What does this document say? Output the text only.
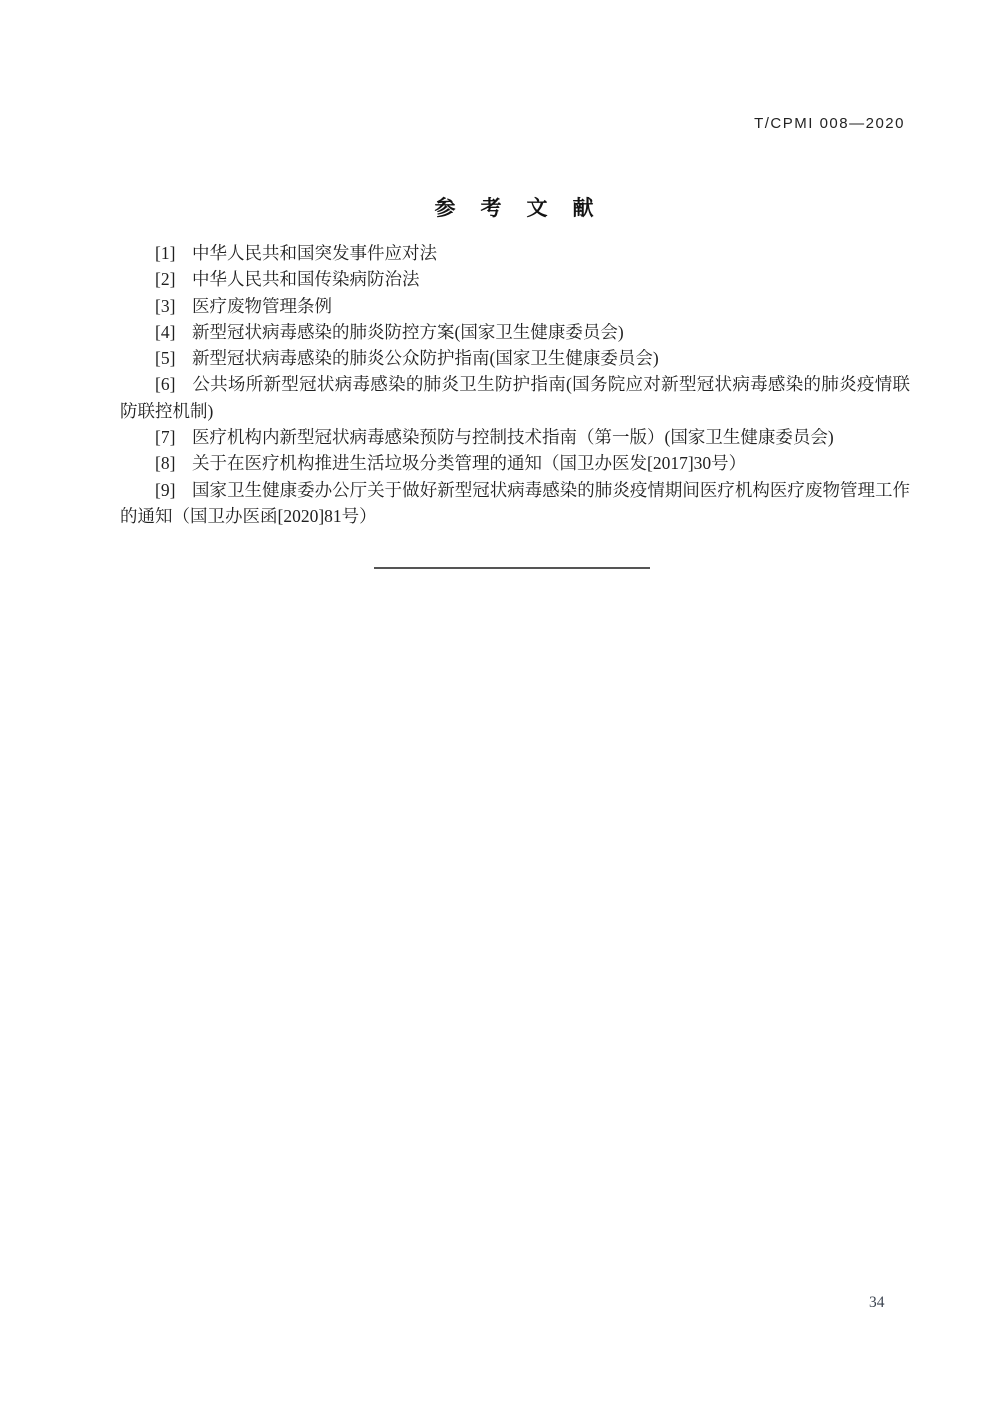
T/CPMI 008—2020
参　考　文　献

[1] 中华人民共和国突发事件应对法

[2] 中华人民共和国传染病防治法

[3] 医疗废物管理条例

[4] 新型冠状病毒感染的肺炎防控方案(国家卫生健康委员会)

[5] 新型冠状病毒感染的肺炎公众防护指南(国家卫生健康委员会)

[6] 公共场所新型冠状病毒感染的肺炎卫生防护指南(国务院应对新型冠状病毒感染的肺炎疫情联防联控机制)

[7] 医疗机构内新型冠状病毒感染预防与控制技术指南（第一版）(国家卫生健康委员会)

[8] 关于在医疗机构推进生活垃圾分类管理的通知（国卫办医发[2017]30号）

[9] 国家卫生健康委办公厅关于做好新型冠状病毒感染的肺炎疫情期间医疗机构医疗废物管理工作的通知（国卫办医函[2020]81号）

34
